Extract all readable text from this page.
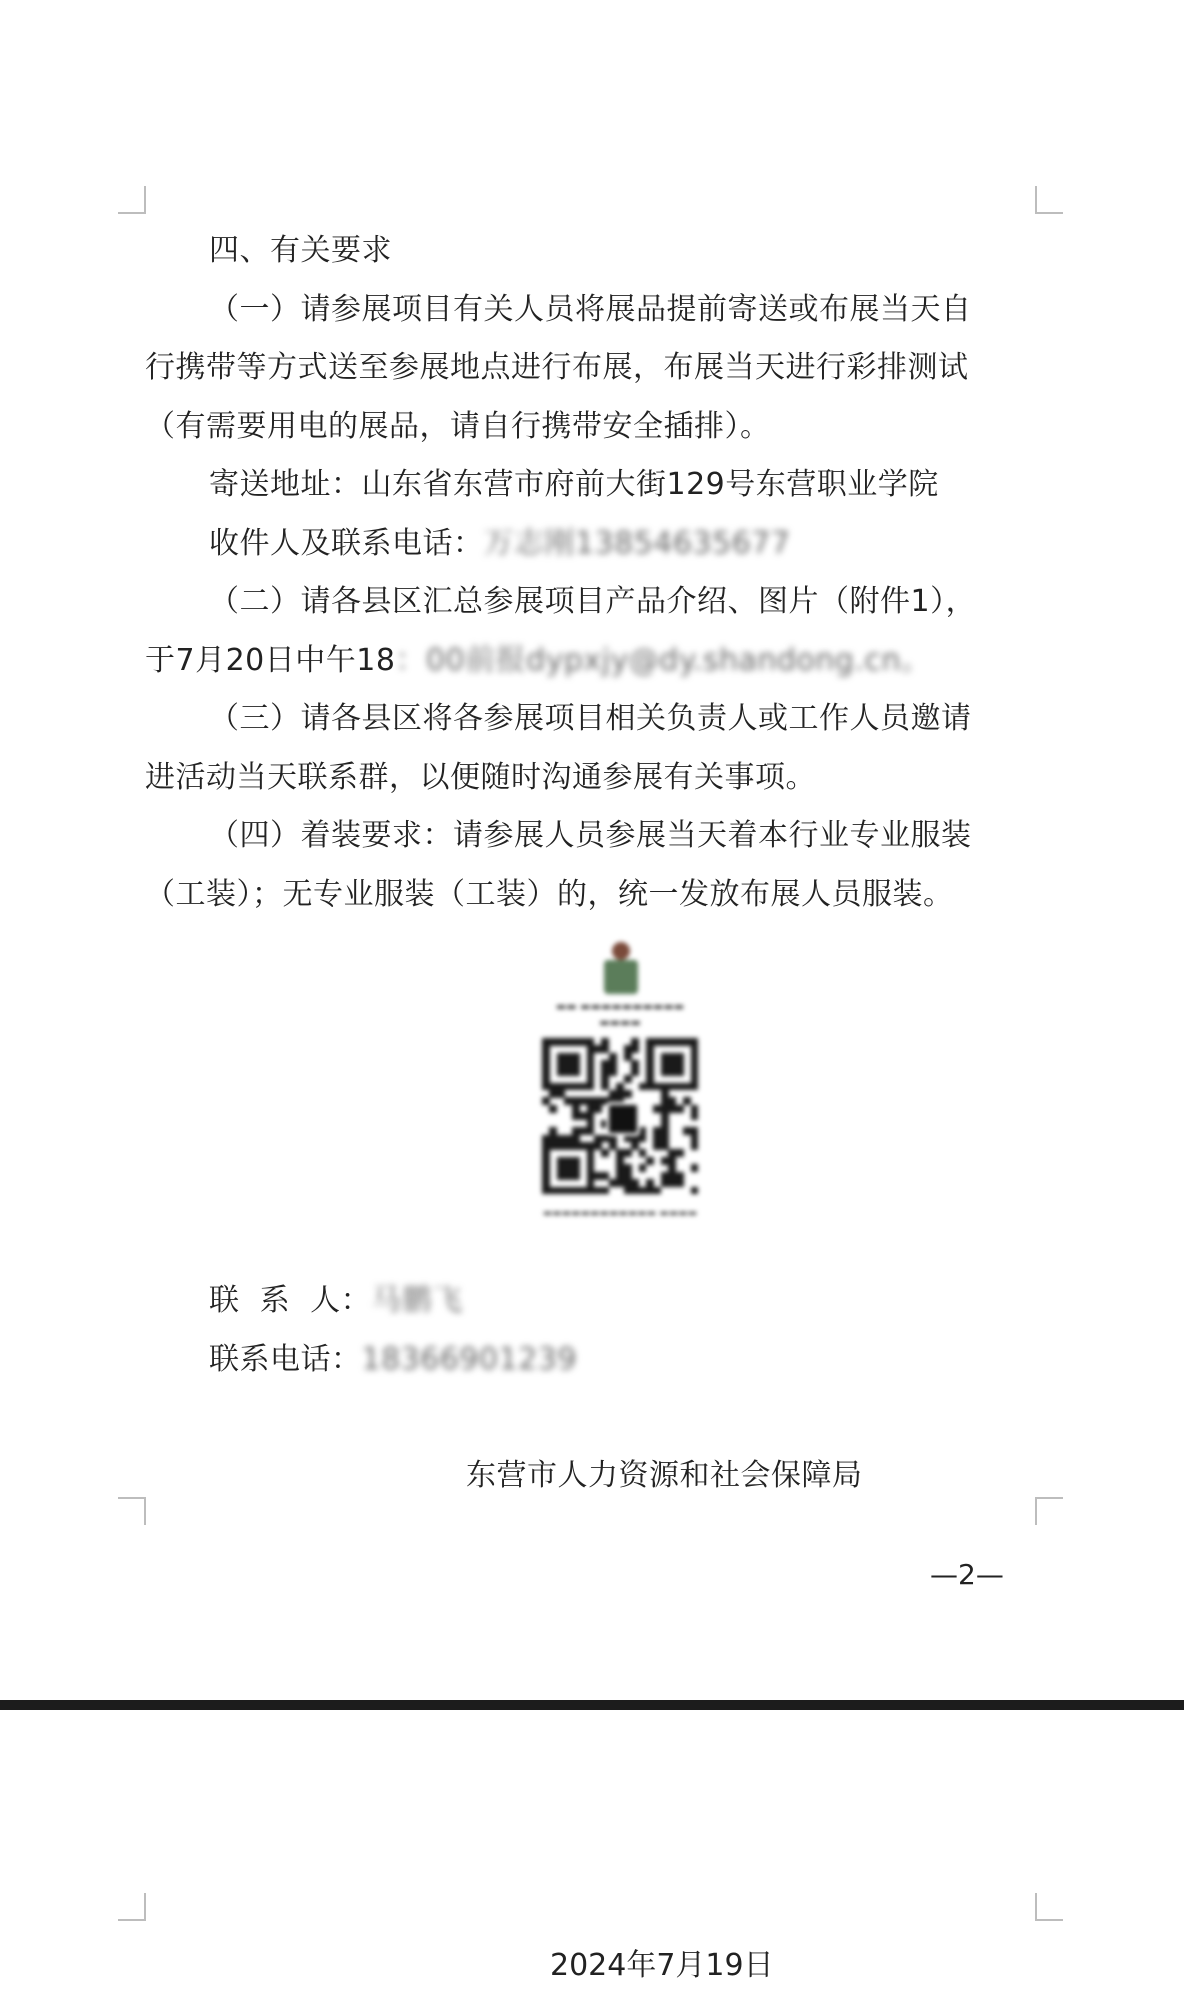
四、有关要求
（一）请参展项目有关人员将展品提前寄送或布展当天自
行携带等方式送至参展地点进行布展，布展当天进行彩排测试
（有需要用电的展品，请自行携带安全插排）。
寄送地址：山东省东营市府前大街129号东营职业学院
收件人及联系电话：万志刚13854635677
（二）请各县区汇总参展项目产品介绍、图片（附件1），
于7月20日中午18：00前报dypxjy@dy.shandong.cn。
（三）请各县区将各参展项目相关负责人或工作人员邀请
进活动当天联系群，以便随时沟通参展有关事项。
（四）着装要求：请参展人员参展当天着本行业专业服装
（工装）；无专业服装（工装）的，统一发放布展人员服装。
▬▬ ▬▬▬▬▬▬▬▬▬▬
▬▬▬▬
▬▬▬▬▬▬▬▬▬▬▬▬ ▬▬▬▬
联  系  人：马鹏飞
联系电话：18366901239
东营市人力资源和社会保障局
—2—
2024年7月19日
